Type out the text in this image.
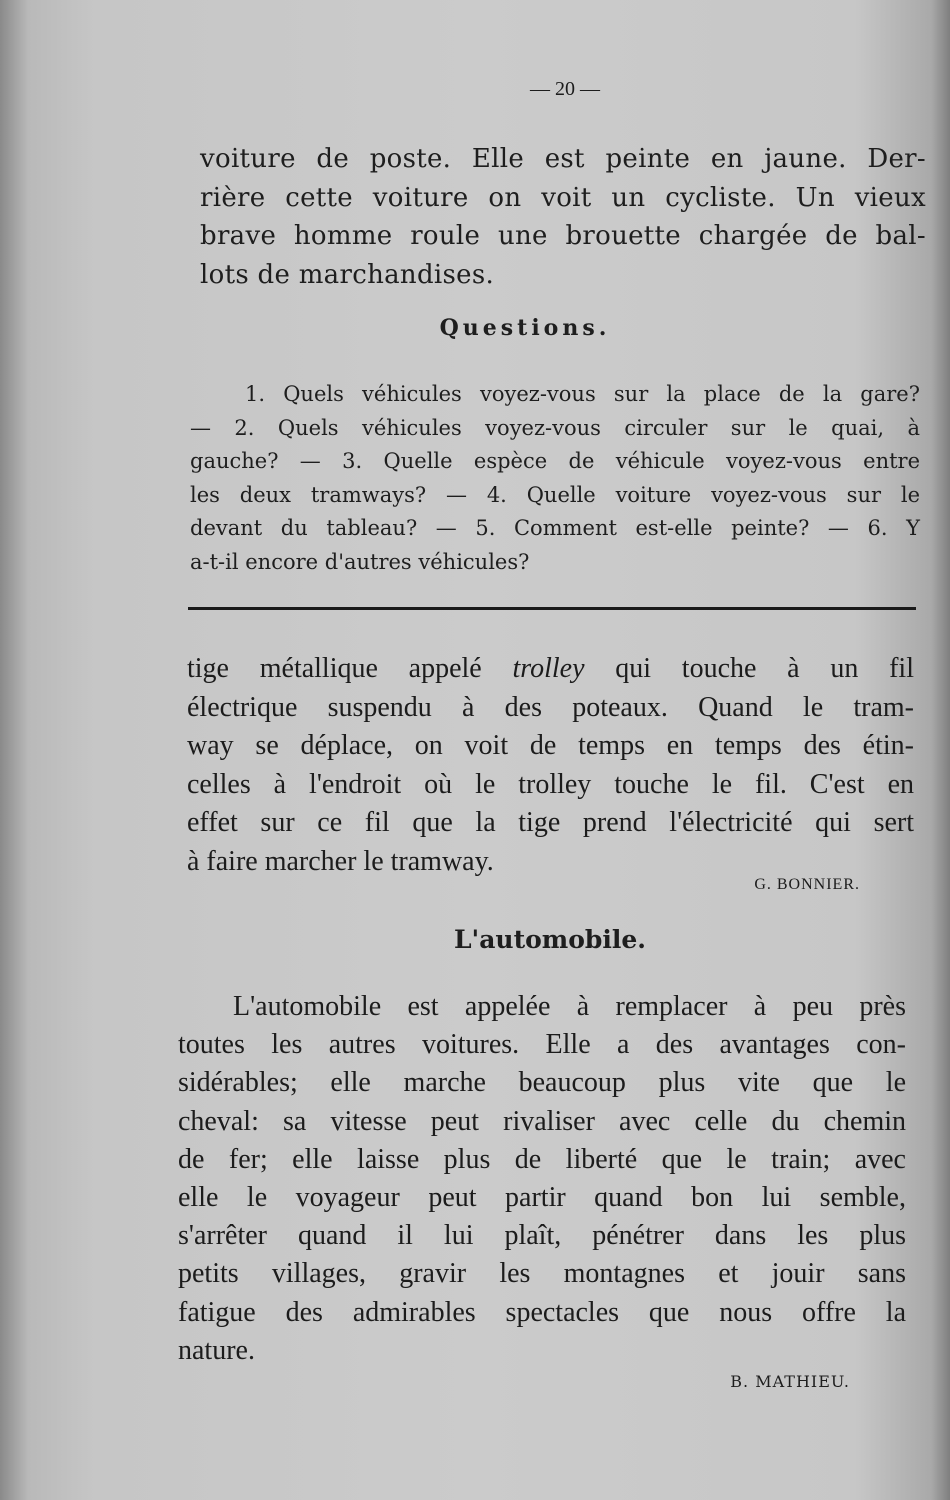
— 20 —

voiture de poste. Elle est peinte en jaune. Der-
rière cette voiture on voit un cycliste. Un vieux
brave homme roule une brouette chargée de bal-
lots de marchandises.

Questions.

1. Quels véhicules voyez-vous sur la place de la gare?
— 2. Quels véhicules voyez-vous circuler sur le quai, à
gauche? — 3. Quelle espèce de véhicule voyez-vous entre
les deux tramways? — 4. Quelle voiture voyez-vous sur le
devant du tableau? — 5. Comment est-elle peinte? — 6. Y
a-t-il encore d'autres véhicules?

tige métallique appelé trolley qui touche à un fil
électrique suspendu à des poteaux. Quand le tram-
way se déplace, on voit de temps en temps des étin-
celles à l'endroit où le trolley touche le fil. C'est en
effet sur ce fil que la tige prend l'électricité qui sert
à faire marcher le tramway.

G. BONNIER.
L'automobile.

L'automobile est appelée à remplacer à peu près
toutes les autres voitures. Elle a des avantages con-
sidérables; elle marche beaucoup plus vite que le
cheval: sa vitesse peut rivaliser avec celle du chemin
de fer; elle laisse plus de liberté que le train; avec
elle le voyageur peut partir quand bon lui semble,
s'arrêter quand il lui plaît, pénétrer dans les plus
petits villages, gravir les montagnes et jouir sans
fatigue des admirables spectacles que nous offre la
nature.

B. MATHIEU.
